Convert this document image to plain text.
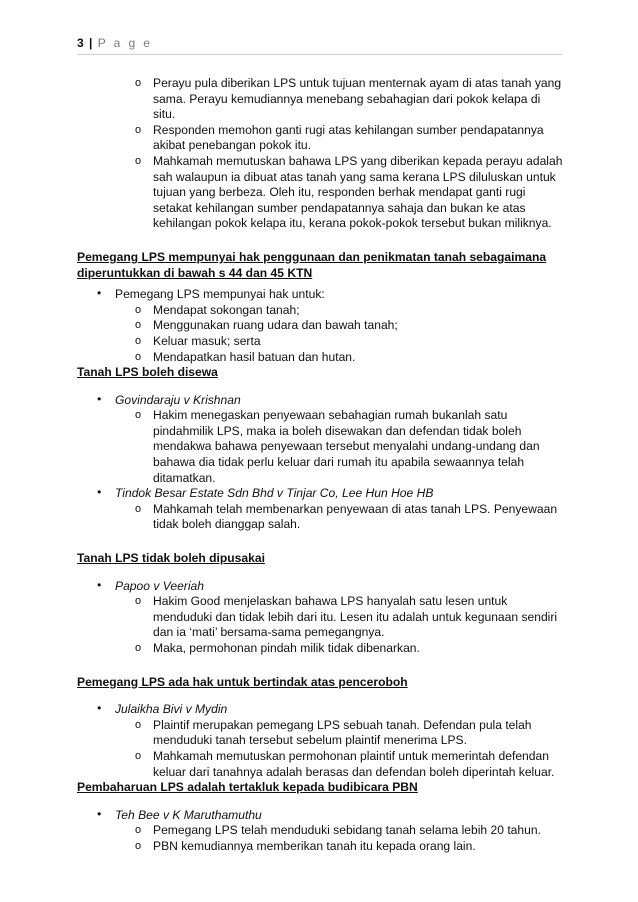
3 | P a g e
o Perayu pula diberikan LPS untuk tujuan menternak ayam di atas tanah yang sama. Perayu kemudiannya menebang sebahagian dari pokok kelapa di situ.
o Responden memohon ganti rugi atas kehilangan sumber pendapatannya akibat penebangan pokok itu.
o Mahkamah memutuskan bahawa LPS yang diberikan kepada perayu adalah sah walaupun ia dibuat atas tanah yang sama kerana LPS diluluskan untuk tujuan yang berbeza. Oleh itu, responden berhak mendapat ganti rugi setakat kehilangan sumber pendapatannya sahaja dan bukan ke atas kehilangan pokok kelapa itu, kerana pokok-pokok tersebut bukan miliknya.
Pemegang LPS mempunyai hak penggunaan dan penikmatan tanah sebagaimana diperuntukkan di bawah s 44 dan 45 KTN
• Pemegang LPS mempunyai hak untuk:
o Mendapat sokongan tanah;
o Menggunakan ruang udara dan bawah tanah;
o Keluar masuk; serta
o Mendapatkan hasil batuan dan hutan.
Tanah LPS boleh disewa
• Govindaraju v Krishnan
o Hakim menegaskan penyewaan sebahagian rumah bukanlah satu pindahmilik LPS, maka ia boleh disewakan dan defendan tidak boleh mendakwa bahawa penyewaan tersebut menyalahi undang-undang dan bahawa dia tidak perlu keluar dari rumah itu apabila sewaannya telah ditamatkan.
• Tindok Besar Estate Sdn Bhd v Tinjar Co, Lee Hun Hoe HB
o Mahkamah telah membenarkan penyewaan di atas tanah LPS. Penyewaan tidak boleh dianggap salah.
Tanah LPS tidak boleh dipusakai
• Papoo v Veeriah
o Hakim Good menjelaskan bahawa LPS hanyalah satu lesen untuk menduduki dan tidak lebih dari itu. Lesen itu adalah untuk kegunaan sendiri dan ia ‘mati’ bersama-sama pemegangnya.
o Maka, permohonan pindah milik tidak dibenarkan.
Pemegang LPS ada hak untuk bertindak atas penceroboh
• Julaikha Bivi v Mydin
o Plaintif merupakan pemegang LPS sebuah tanah. Defendan pula telah menduduki tanah tersebut sebelum plaintif menerima LPS.
o Mahkamah memutuskan permohonan plaintif untuk memerintah defendan keluar dari tanahnya adalah berasas dan defendan boleh diperintah keluar.
Pembaharuan LPS adalah tertakluk kepada budibicara PBN
• Teh Bee v K Maruthamuthu
o Pemegang LPS telah menduduki sebidang tanah selama lebih 20 tahun.
o PBN kemudiannya memberikan tanah itu kepada orang lain.
